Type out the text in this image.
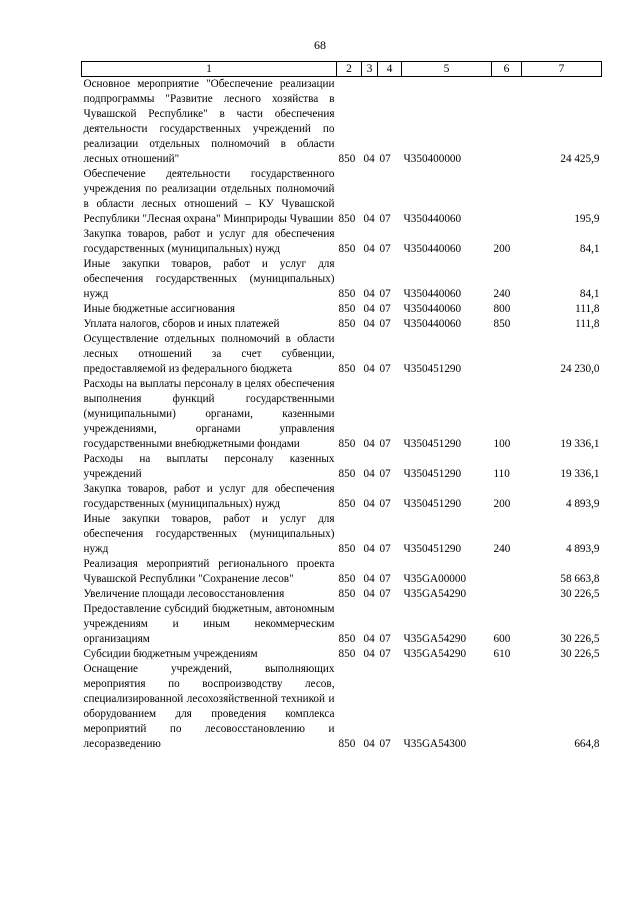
68
1	2	3	4	5	6	7
Основное мероприятие "Обеспечение реализации подпрограммы "Развитие лесного хозяйства в Чувашской Республике" в части обеспечения деятельности государственных учреждений по реализации отдельных полномочий в области лесных отношений"	850	04	07	Ч350400000		24 425,9
Обеспечение деятельности государственного учреждения по реализации отдельных полномочий в области лесных отношений – КУ Чувашской Республики "Лесная охрана" Минприроды Чувашии	850	04	07	Ч350440060		195,9
Закупка товаров, работ и услуг для обеспечения государственных (муниципальных) нужд	850	04	07	Ч350440060	200	84,1
Иные закупки товаров, работ и услуг для обеспечения государственных (муниципальных) нужд	850	04	07	Ч350440060	240	84,1
Иные бюджетные ассигнования	850	04	07	Ч350440060	800	111,8
Уплата налогов, сборов и иных платежей	850	04	07	Ч350440060	850	111,8
Осуществление отдельных полномочий в области лесных отношений за счет субвенции, предоставляемой из федерального бюджета	850	04	07	Ч350451290		24 230,0
Расходы на выплаты персоналу в целях обеспечения выполнения функций государственными (муниципальными) органами, казенными учреждениями, органами управления государственными внебюджетными фондами	850	04	07	Ч350451290	100	19 336,1
Расходы на выплаты персоналу казенных учреждений	850	04	07	Ч350451290	110	19 336,1
Закупка товаров, работ и услуг для обеспечения государственных (муниципальных) нужд	850	04	07	Ч350451290	200	4 893,9
Иные закупки товаров, работ и услуг для обеспечения государственных (муниципальных) нужд	850	04	07	Ч350451290	240	4 893,9
Реализация мероприятий регионального проекта Чувашской Республики "Сохранение лесов"	850	04	07	Ч35GA00000		58 663,8
Увеличение площади лесовосстановления	850	04	07	Ч35GA54290		30 226,5
Предоставление субсидий бюджетным, автономным учреждениям и иным некоммерческим организациям	850	04	07	Ч35GA54290	600	30 226,5
Субсидии бюджетным учреждениям	850	04	07	Ч35GA54290	610	30 226,5
Оснащение учреждений, выполняющих мероприятия по воспроизводству лесов, специализированной лесохозяйственной техникой и оборудованием для проведения комплекса мероприятий по лесовосстановлению и лесоразведению	850	04	07	Ч35GA54300		664,8
